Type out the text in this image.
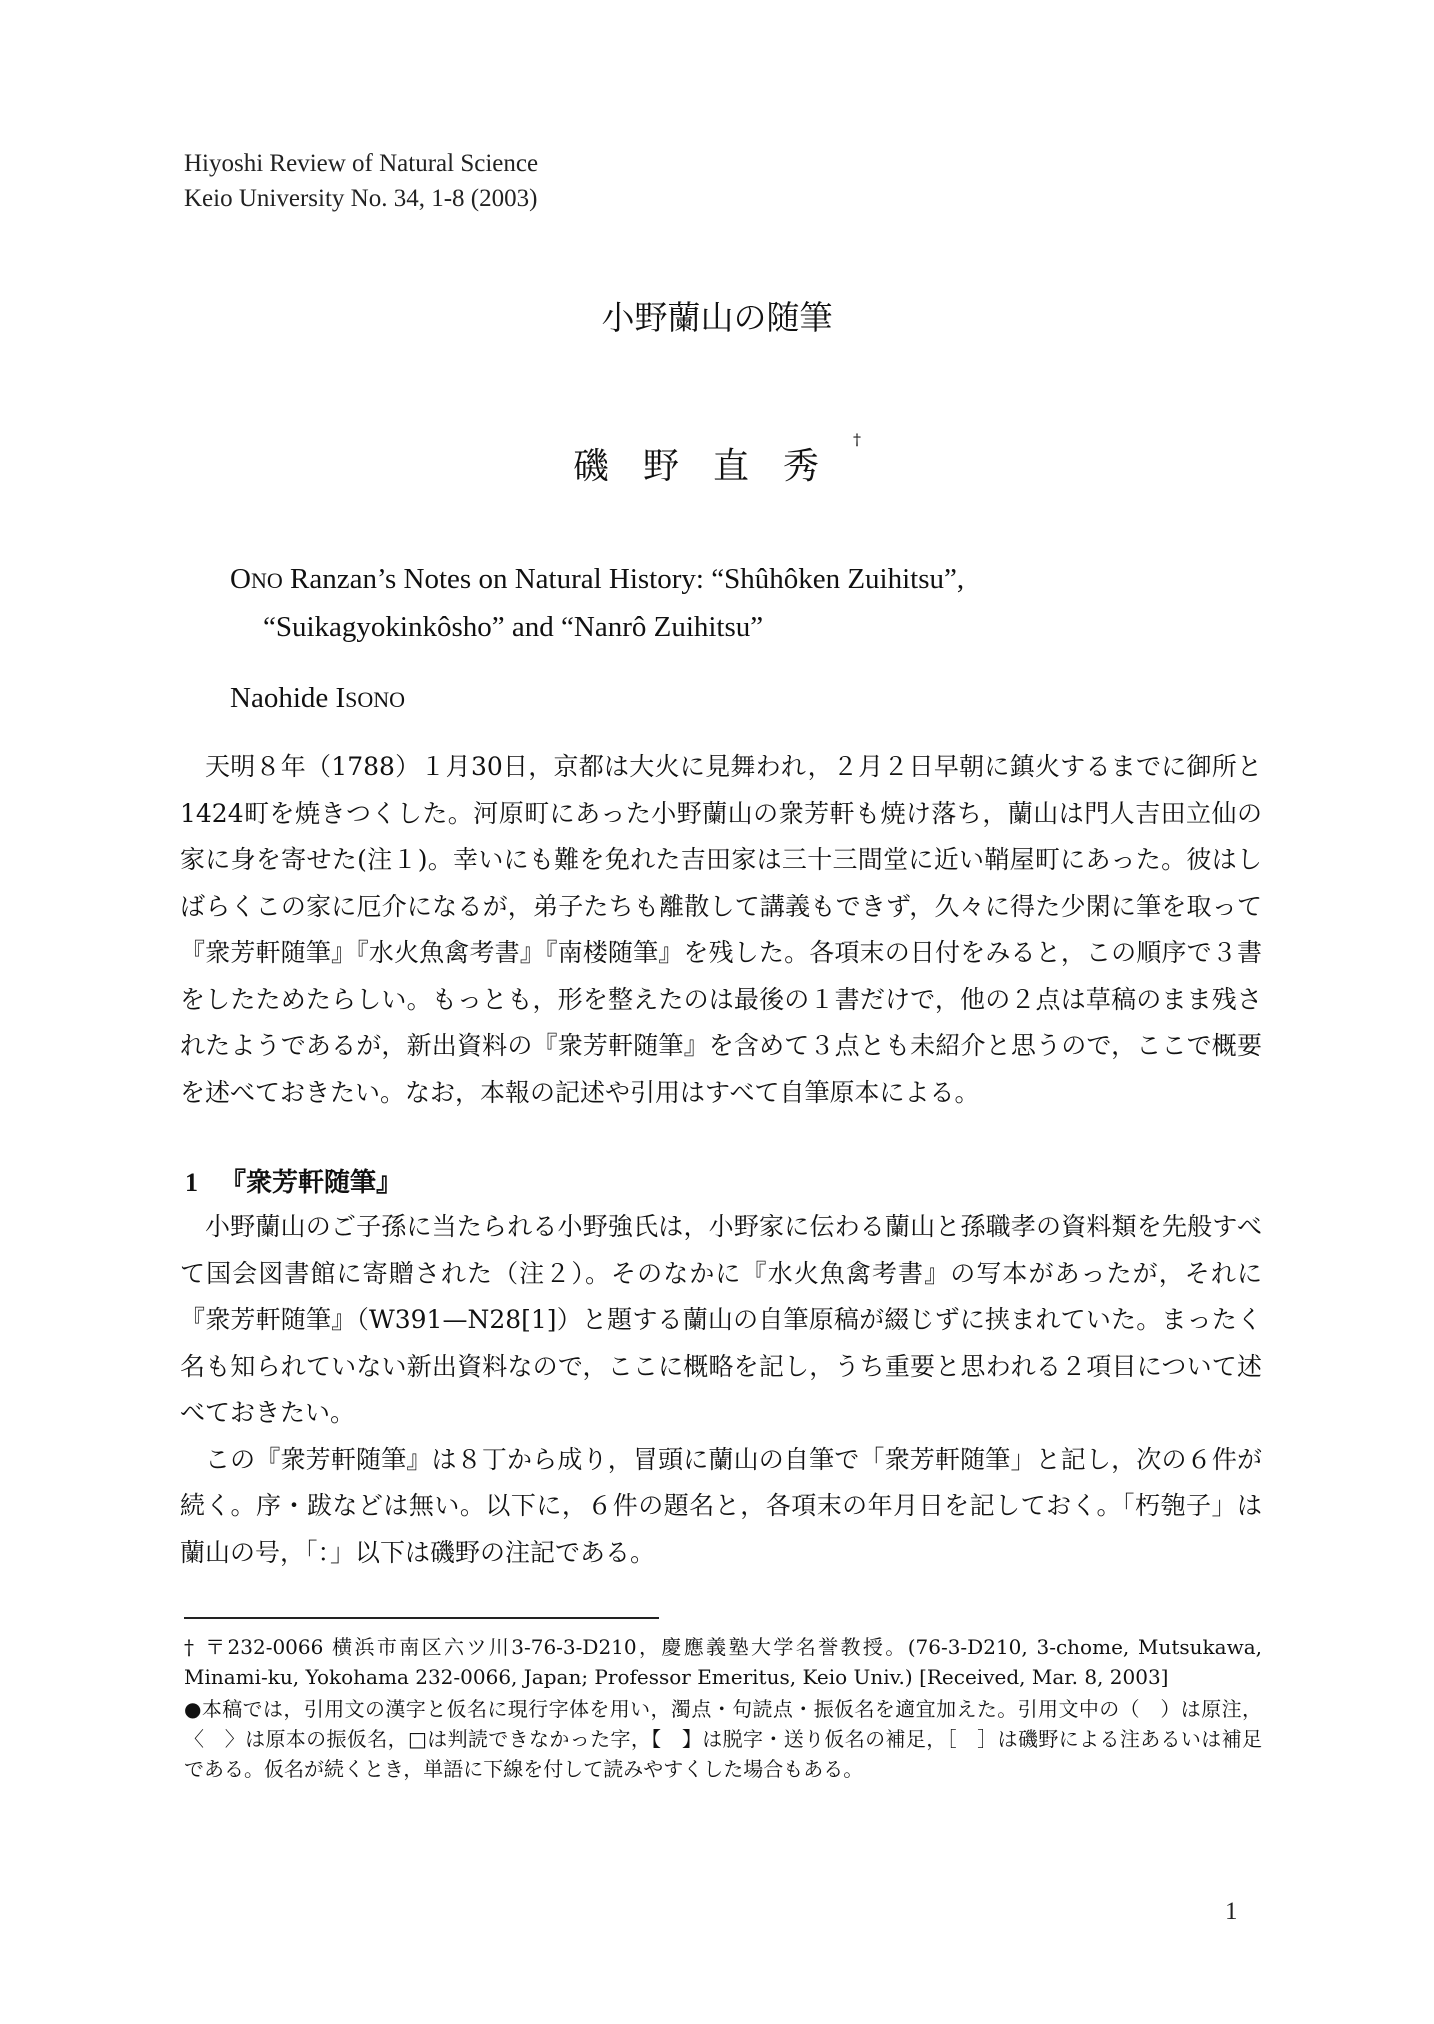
Hiyoshi Review of Natural Science
Keio University No. 34, 1-8 (2003)
小野蘭山の随筆
磯野直秀†
ONO Ranzan’s Notes on Natural History: “Shûhôken Zuihitsu”,
“Suikagyokinkôsho” and “Nanrô Zuihitsu”
Naohide ISONO

天明８年（1788）１月30日，京都は大火に見舞われ，２月２日早朝に鎮火するまでに御所と1424町を焼きつくした。河原町にあった小野蘭山の衆芳軒も焼け落ち，蘭山は門人吉田立仙の家に身を寄せた(注１)。幸いにも難を免れた吉田家は三十三間堂に近い鞘屋町にあった。彼はしばらくこの家に厄介になるが，弟子たちも離散して講義もできず，久々に得た少閑に筆を取って『衆芳軒随筆』『水火魚禽考書』『南楼随筆』を残した。各項末の日付をみると，この順序で３書をしたためたらしい。もっとも，形を整えたのは最後の１書だけで，他の２点は草稿のまま残されたようであるが，新出資料の『衆芳軒随筆』を含めて３点とも未紹介と思うので，ここで概要を述べておきたい。なお，本報の記述や引用はすべて自筆原本による。

1 『衆芳軒随筆』

小野蘭山のご子孫に当たられる小野強氏は，小野家に伝わる蘭山と孫職孝の資料類を先般すべて国会図書館に寄贈された（注２）。そのなかに『水火魚禽考書』の写本があったが，それに『衆芳軒随筆』（W391—N28[1]）と題する蘭山の自筆原稿が綴じずに挟まれていた。まったく名も知られていない新出資料なので，ここに概略を記し，うち重要と思われる２項目について述べておきたい。

この『衆芳軒随筆』は８丁から成り，冒頭に蘭山の自筆で「衆芳軒随筆」と記し，次の６件が続く。序・跋などは無い。以下に，６件の題名と，各項末の年月日を記しておく。「朽匏子」は蘭山の号，「：」以下は磯野の注記である。

† 〒232-0066 横浜市南区六ツ川3-76-3-D210，慶應義塾大学名誉教授。(76-3-D210, 3-chome, Mutsukawa, Minami-ku, Yokohama 232-0066, Japan; Professor Emeritus, Keio Univ.) [Received, Mar. 8, 2003]

●本稿では，引用文の漢字と仮名に現行字体を用い，濁点・句読点・振仮名を適宜加えた。引用文中の（　）は原注，〈　〉は原本の振仮名，□は判読できなかった字，【　】は脱字・送り仮名の補足，［　］は磯野による注あるいは補足である。仮名が続くとき，単語に下線を付して読みやすくした場合もある。

1
